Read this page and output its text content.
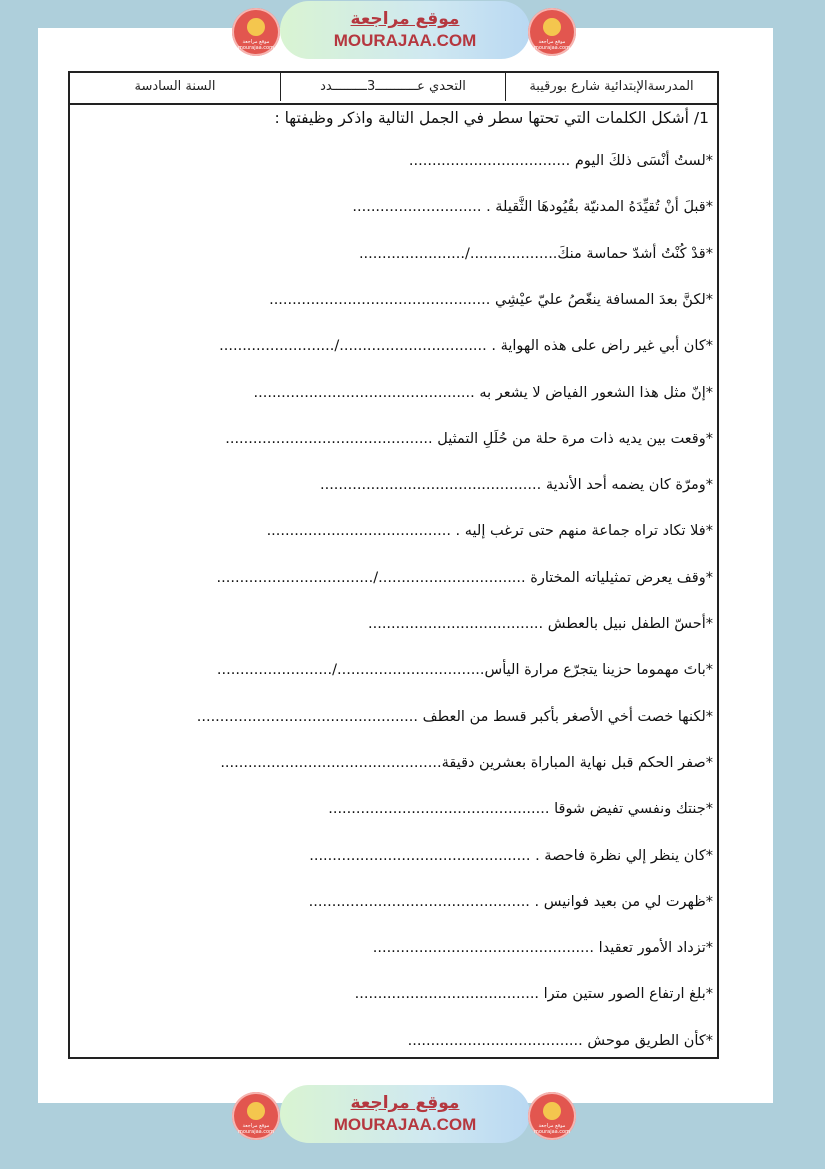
موقع مراجعة mourajaa.com
موقع مراجعة
MOURAJAA.COM	موقع مراجعة mourajaa.com
المدرسةالإبتدائية شارع بورقيبة
التحدي عـــــــــــ3ـــــــــدد
السنة السادسة
1/ أشكل الكلمات التي تحتها سطر في الجمل التالية واذكر وظيفتها :
*لستُ أنْسَى ذلكَ اليوم ...................................
*قبلَ أنْ تُقيِّدَهُ المدنيّة بقُيُودهَا الثَّقيلة . ............................
*قدْ كُنْتُ أشدّ حماسة منكَ.................../.......................
*لكنَّ بعدَ المسافة ينغّصُ عليّ عيْشِي ................................................
*كان أبي غير راض على هذه الهواية . ................................/.........................
*إنّ مثل هذا الشعور الفياض لا يشعر به ................................................
*وقعت بين يديه ذات مرة حلة من حُلَلِ التمثيل .............................................
*ومرّة كان يضمه أحد الأندية ................................................
*فلا تكاد تراه جماعة منهم حتى ترغب إليه . ........................................
*وقف يعرض تمثيلياته المختارة ................................/..................................
*أحسّ الطفل نبيل بالعطش ......................................
*باتَ مهموما حزينا يتجرّع مرارة اليأس................................/.........................
*لكنها خصت أخي الأصغر بأكبر قسط من العطف ................................................
*صفر الحكم قبل نهاية المباراة بعشرين دقيقة................................................
*جنتك ونفسي تفيض شوقا ................................................
*كان ينظر إلي نظرة فاحصة . ................................................
*ظهرت لي من بعيد فوانيس . ................................................
*تزداد الأمور تعقيدا ................................................
*بلغ ارتفاع الصور ستين مترا ........................................
*كأن الطريق موحش ......................................
موقع مراجعة mourajaa.com
موقع مراجعة
MOURAJAA.COM	موقع مراجعة mourajaa.com
